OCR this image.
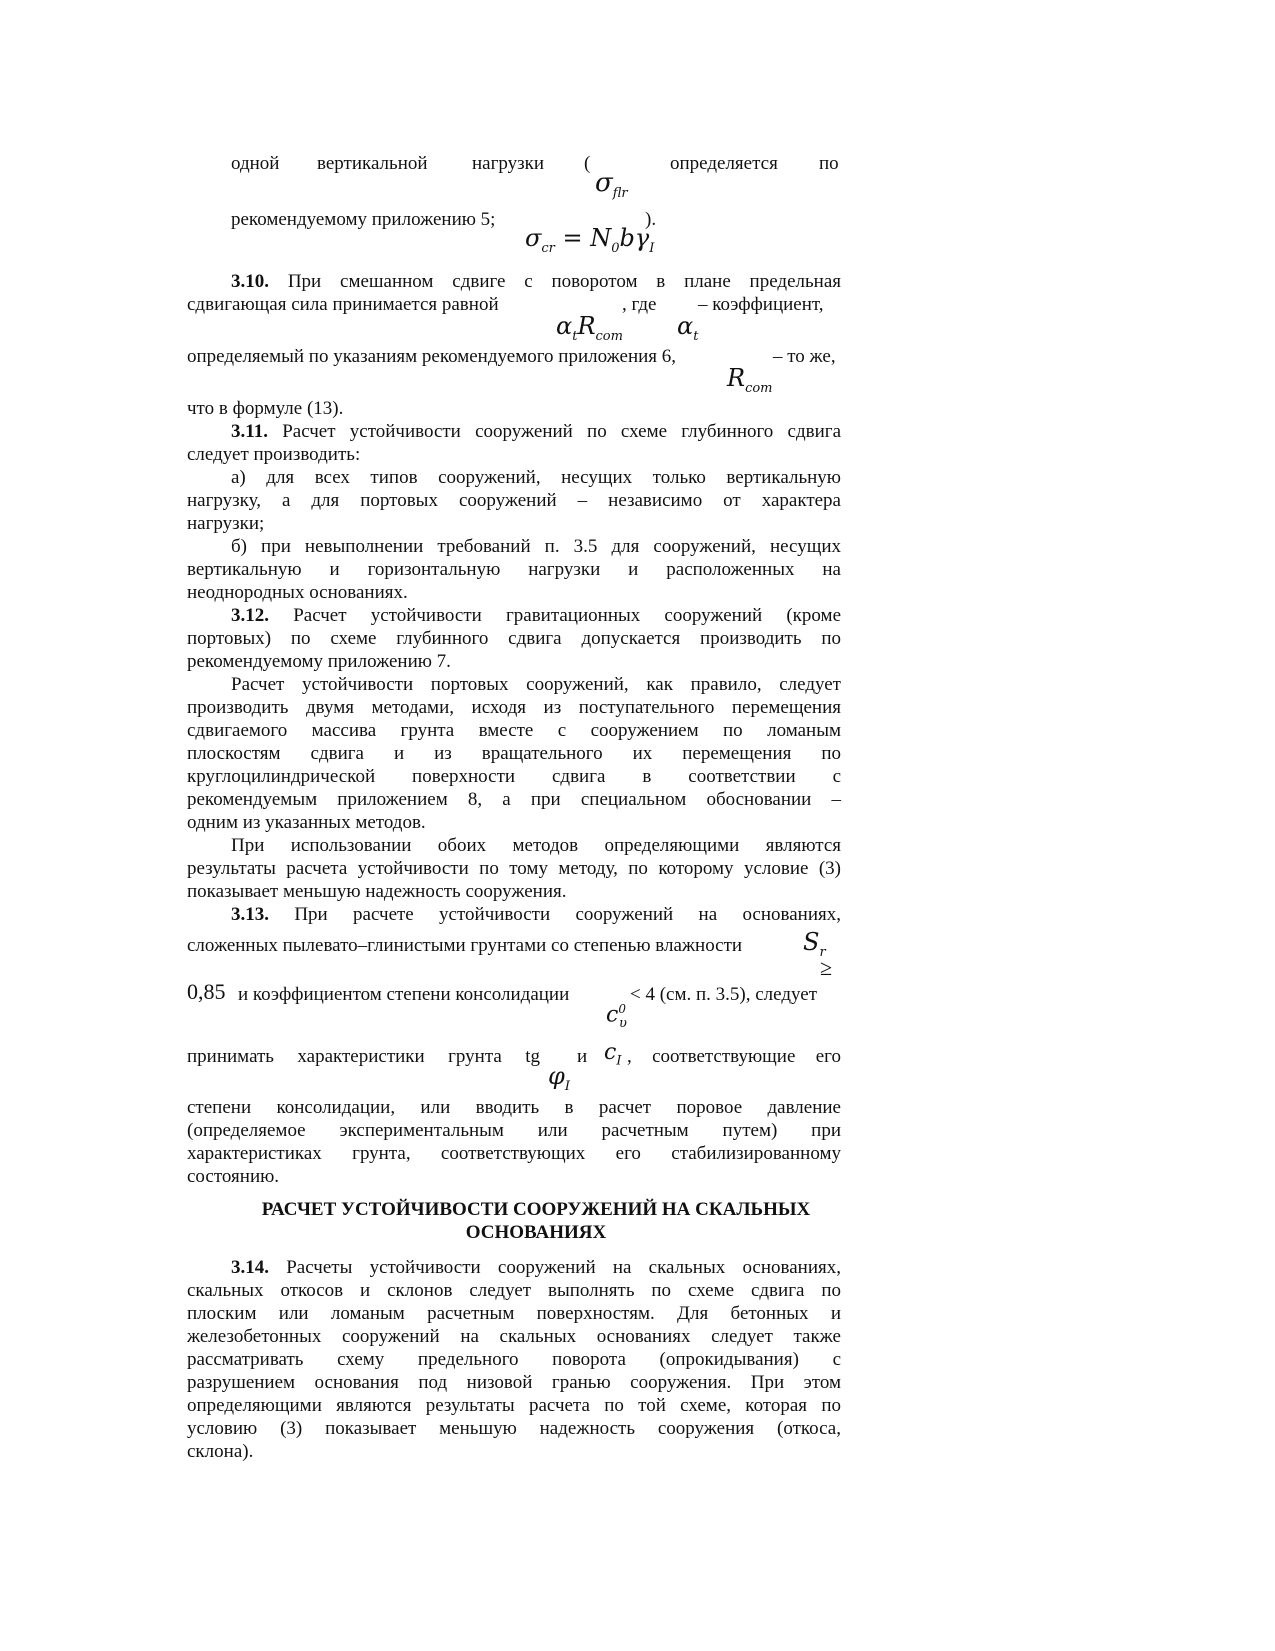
одной вертикальной нагрузки (	определяется по
$\sigma_{flr}$
рекомендуемому приложению 5;	).
$\sigma_{cr} = N_0b\gamma_I$
3.10. При смешанном сдвиге с поворотом в плане предельная
сдвигающая сила принимается равной	, где – коэффициент,
$\alpha_tR_{com}$ $\alpha_t$
определяемый по указаниям рекомендуемого приложения 6,	– то же,
$R_{com}$
что в формуле (13).
3.11. Расчет устойчивости сооружений по схеме глубинного сдвига
следует производить:
а) для всех типов сооружений, несущих только вертикальную
нагрузку, а для портовых сооружений – независимо от характера
нагрузки;
б) при невыполнении требований п. 3.5 для сооружений, несущих
вертикальную и горизонтальную нагрузки и расположенных на
неоднородных основаниях.
3.12. Расчет устойчивости гравитационных сооружений (кроме
портовых) по схеме глубинного сдвига допускается производить по
рекомендуемому приложению 7.
Расчет устойчивости портовых сооружений, как правило, следует
производить двумя методами, исходя из поступательного перемещения
сдвигаемого массива грунта вместе с сооружением по ломаным
плоскостям сдвига и из вращательного их перемещения по
круглоцилиндрической поверхности сдвига в соответствии с
рекомендуемым приложением 8, а при специальном обосновании –
одним из указанных методов.
При использовании обоих методов определяющими являются
результаты расчета устойчивости по тому методу, по которому условие (3)
показывает меньшую надежность сооружения.
3.13. При расчете устойчивости сооружений на основаниях,
сложенных пылевато–глинистыми грунтами со степенью влажности	$S_r$
≥
0,85 и коэффициентом степени консолидации	< 4 (см. п. 3.5), следует
$c^0_\upsilon$
принимать характеристики грунта tg и $c_I$ , соответствующие его
$\varphi_I$
степени консолидации, или вводить в расчет поровое давление
(определяемое экспериментальным или расчетным путем) при
характеристиках грунта, соответствующих его стабилизированному
состоянию.
РАСЧЕТ УСТОЙЧИВОСТИ СООРУЖЕНИЙ НА СКАЛЬНЫХ
ОСНОВАНИЯХ
3.14. Расчеты устойчивости сооружений на скальных основаниях,
скальных откосов и склонов следует выполнять по схеме сдвига по
плоским или ломаным расчетным поверхностям. Для бетонных и
железобетонных сооружений на скальных основаниях следует также
рассматривать схему предельного поворота (опрокидывания) с
разрушением основания под низовой гранью сооружения. При этом
определяющими являются результаты расчета по той схеме, которая по
условию (3) показывает меньшую надежность сооружения (откоса,
склона).
